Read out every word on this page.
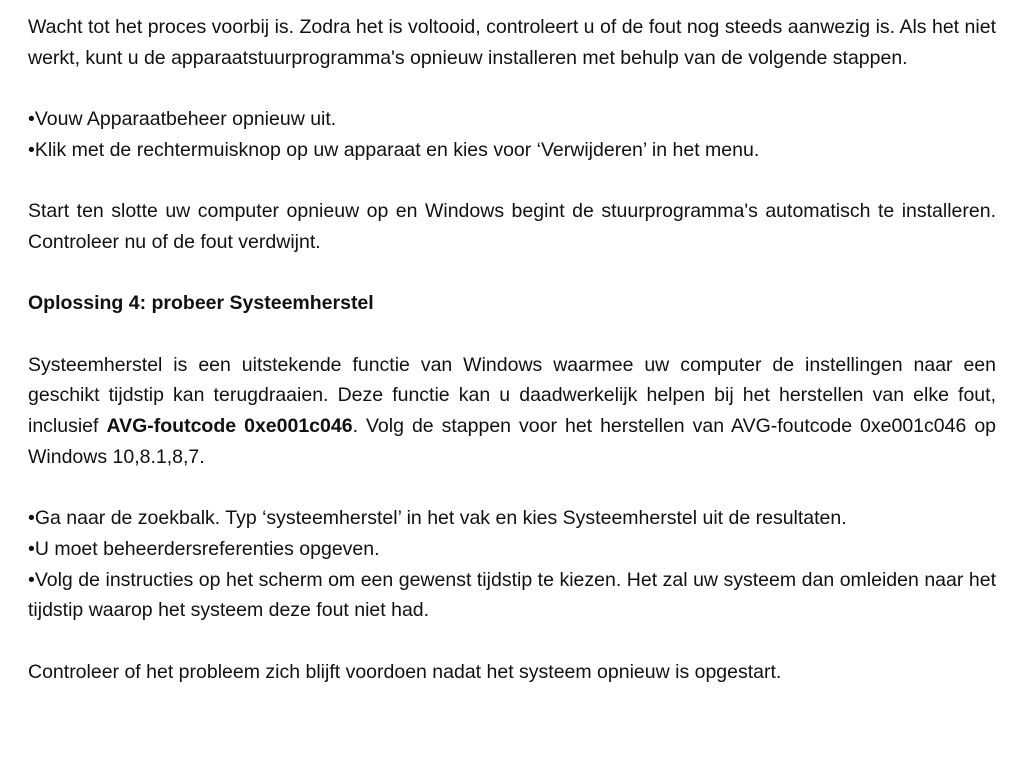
Wacht tot het proces voorbij is. Zodra het is voltooid, controleert u of de fout nog steeds aanwezig is. Als het niet werkt, kunt u de apparaatstuurprogramma's opnieuw installeren met behulp van de volgende stappen.

•Vouw Apparaatbeheer opnieuw uit.

•Klik met de rechtermuisknop op uw apparaat en kies voor ‘Verwijderen’ in het menu.

Start ten slotte uw computer opnieuw op en Windows begint de stuurprogramma's automatisch te installeren. Controleer nu of de fout verdwijnt.

Oplossing 4: probeer Systeemherstel

Systeemherstel is een uitstekende functie van Windows waarmee uw computer de instellingen naar een geschikt tijdstip kan terugdraaien. Deze functie kan u daadwerkelijk helpen bij het herstellen van elke fout, inclusief AVG-foutcode 0xe001c046. Volg de stappen voor het herstellen van AVG-foutcode 0xe001c046 op Windows 10,8.1,8,7.

•Ga naar de zoekbalk. Typ ‘systeemherstel’ in het vak en kies Systeemherstel uit de resultaten.

•U moet beheerdersreferenties opgeven.

•Volg de instructies op het scherm om een gewenst tijdstip te kiezen. Het zal uw systeem dan omleiden naar het tijdstip waarop het systeem deze fout niet had.

Controleer of het probleem zich blijft voordoen nadat het systeem opnieuw is opgestart.
